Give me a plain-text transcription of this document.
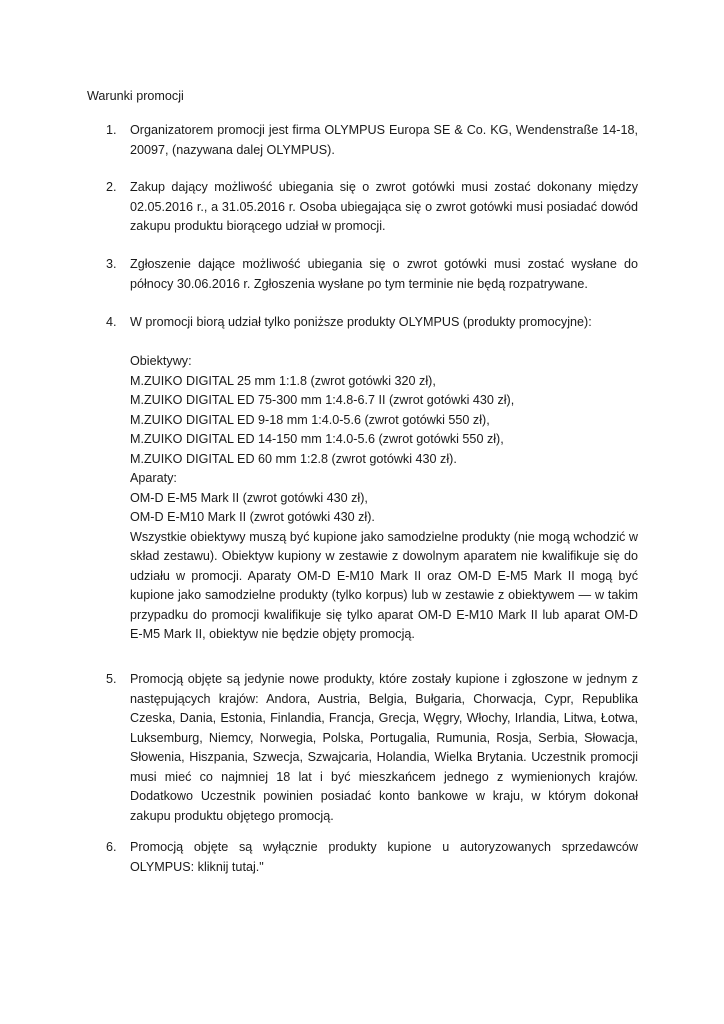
Warunki promocji

1. Organizatorem promocji jest firma OLYMPUS Europa SE & Co. KG, Wendenstraße 14-18, 20097, (nazywana dalej OLYMPUS).

2. Zakup dający możliwość ubiegania się o zwrot gotówki musi zostać dokonany między 02.05.2016 r., a 31.05.2016 r. Osoba ubiegająca się o zwrot gotówki musi posiadać dowód zakupu produktu biorącego udział w promocji.

3. Zgłoszenie dające możliwość ubiegania się o zwrot gotówki musi zostać wysłane do północy 30.06.2016 r. Zgłoszenia wysłane po tym terminie nie będą rozpatrywane.

4. W promocji biorą udział tylko poniższe produkty OLYMPUS (produkty promocyjne):

Obiektywy:
M.ZUIKO DIGITAL 25 mm 1:1.8 (zwrot gotówki 320 zł),
M.ZUIKO DIGITAL ED 75‑300 mm 1:4.8-6.7 II (zwrot gotówki 430 zł),
M.ZUIKO DIGITAL ED 9‑18 mm 1:4.0-5.6 (zwrot gotówki 550 zł),
M.ZUIKO DIGITAL ED 14‑150 mm 1:4.0-5.6 (zwrot gotówki 550 zł),
M.ZUIKO DIGITAL ED 60 mm 1:2.8 (zwrot gotówki 430 zł).
Aparaty:
OM-D E-M5 Mark II (zwrot gotówki 430 zł),
OM-D E-M10 Mark II (zwrot gotówki 430 zł).

Wszystkie obiektywy muszą być kupione jako samodzielne produkty (nie mogą wchodzić w skład zestawu). Obiektyw kupiony w zestawie z dowolnym aparatem nie kwalifikuje się do udziału w promocji. Aparaty OM-D E-M10 Mark II oraz OM-D E-M5 Mark II mogą być kupione jako samodzielne produkty (tylko korpus) lub w zestawie z obiektywem — w takim przypadku do promocji kwalifikuje się tylko aparat OM-D E-M10 Mark II lub aparat OM-D E-M5 Mark II, obiektyw nie będzie objęty promocją.

5. Promocją objęte są jedynie nowe produkty, które zostały kupione i zgłoszone w jednym z następujących krajów: Andora, Austria, Belgia, Bułgaria, Chorwacja, Cypr, Republika Czeska, Dania, Estonia, Finlandia, Francja, Grecja, Węgry, Włochy, Irlandia, Litwa, Łotwa, Luksemburg, Niemcy, Norwegia, Polska, Portugalia, Rumunia, Rosja, Serbia, Słowacja, Słowenia, Hiszpania, Szwecja, Szwajcaria, Holandia, Wielka Brytania. Uczestnik promocji musi mieć co najmniej 18 lat i być mieszkańcem jednego z wymienionych krajów. Dodatkowo Uczestnik powinien posiadać konto bankowe w kraju, w którym dokonał zakupu produktu objętego promocją.

6. Promocją objęte są wyłącznie produkty kupione u autoryzowanych sprzedawców OLYMPUS: kliknij tutaj."
